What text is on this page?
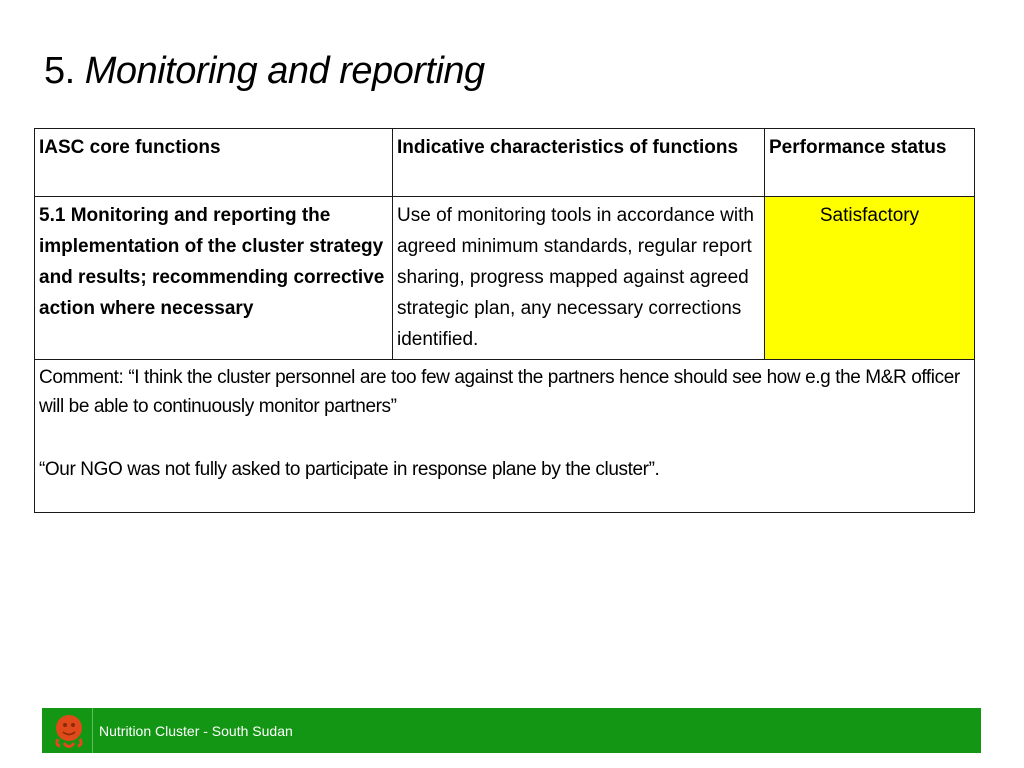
5. Monitoring and reporting
IASC core functions	Indicative characteristics of functions	Performance status
5.1 Monitoring and reporting the implementation of the cluster strategy and results; recommending corrective action where necessary	Use of monitoring tools in accordance with agreed minimum standards, regular report sharing, progress mapped against agreed strategic plan, any necessary corrections identified.	Satisfactory

Comment: “I think the cluster personnel are too few against the partners hence should see how e.g the M&R officer will be able to continuously monitor partners”

“Our NGO was not fully asked to participate in response plane by the cluster”.		

Nutrition Cluster - South Sudan
